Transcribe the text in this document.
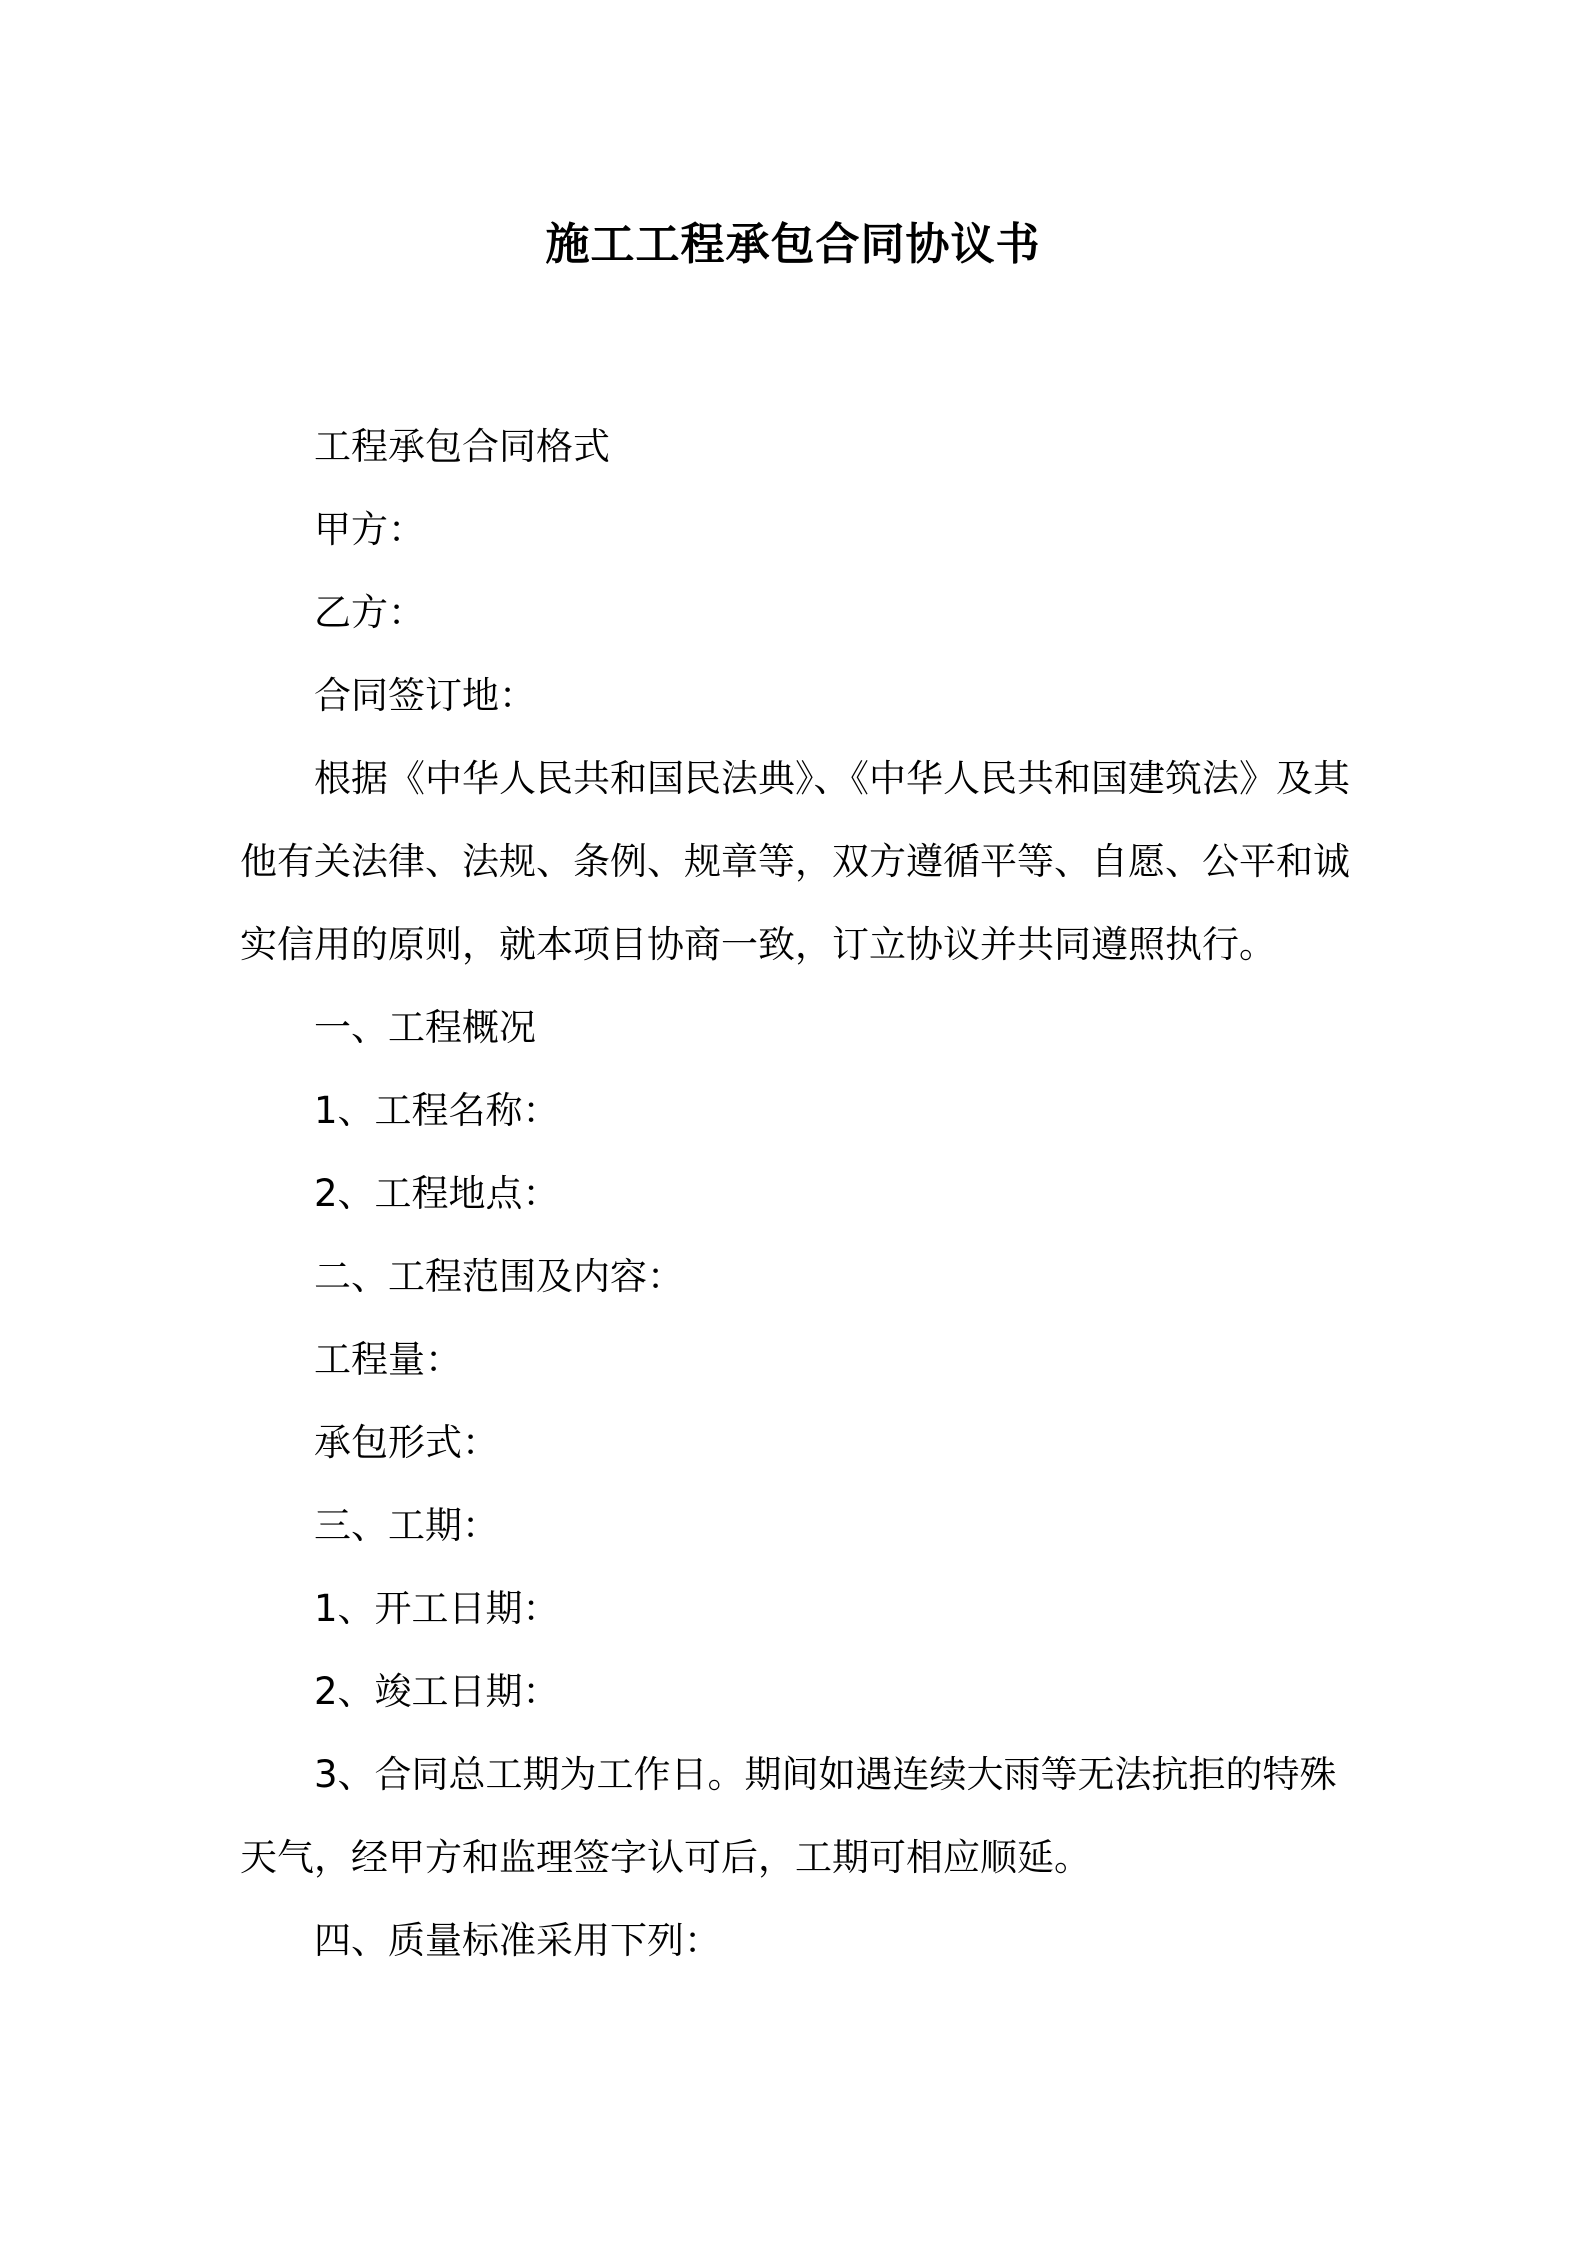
施工工程承包合同协议书
工程承包合同格式
甲方：
乙方：
合同签订地：
根据《中华人民共和国民法典》、《中华人民共和国建筑法》及其
他有关法律、法规、条例、规章等，双方遵循平等、自愿、公平和诚
实信用的原则，就本项目协商一致，订立协议并共同遵照执行。
一、工程概况
1、工程名称：
2、工程地点：
二、工程范围及内容：
工程量：
承包形式：
三、工期：
1、开工日期：
2、竣工日期：
3、合同总工期为工作日。期间如遇连续大雨等无法抗拒的特殊
天气，经甲方和监理签字认可后，工期可相应顺延。
四、质量标准采用下列：
